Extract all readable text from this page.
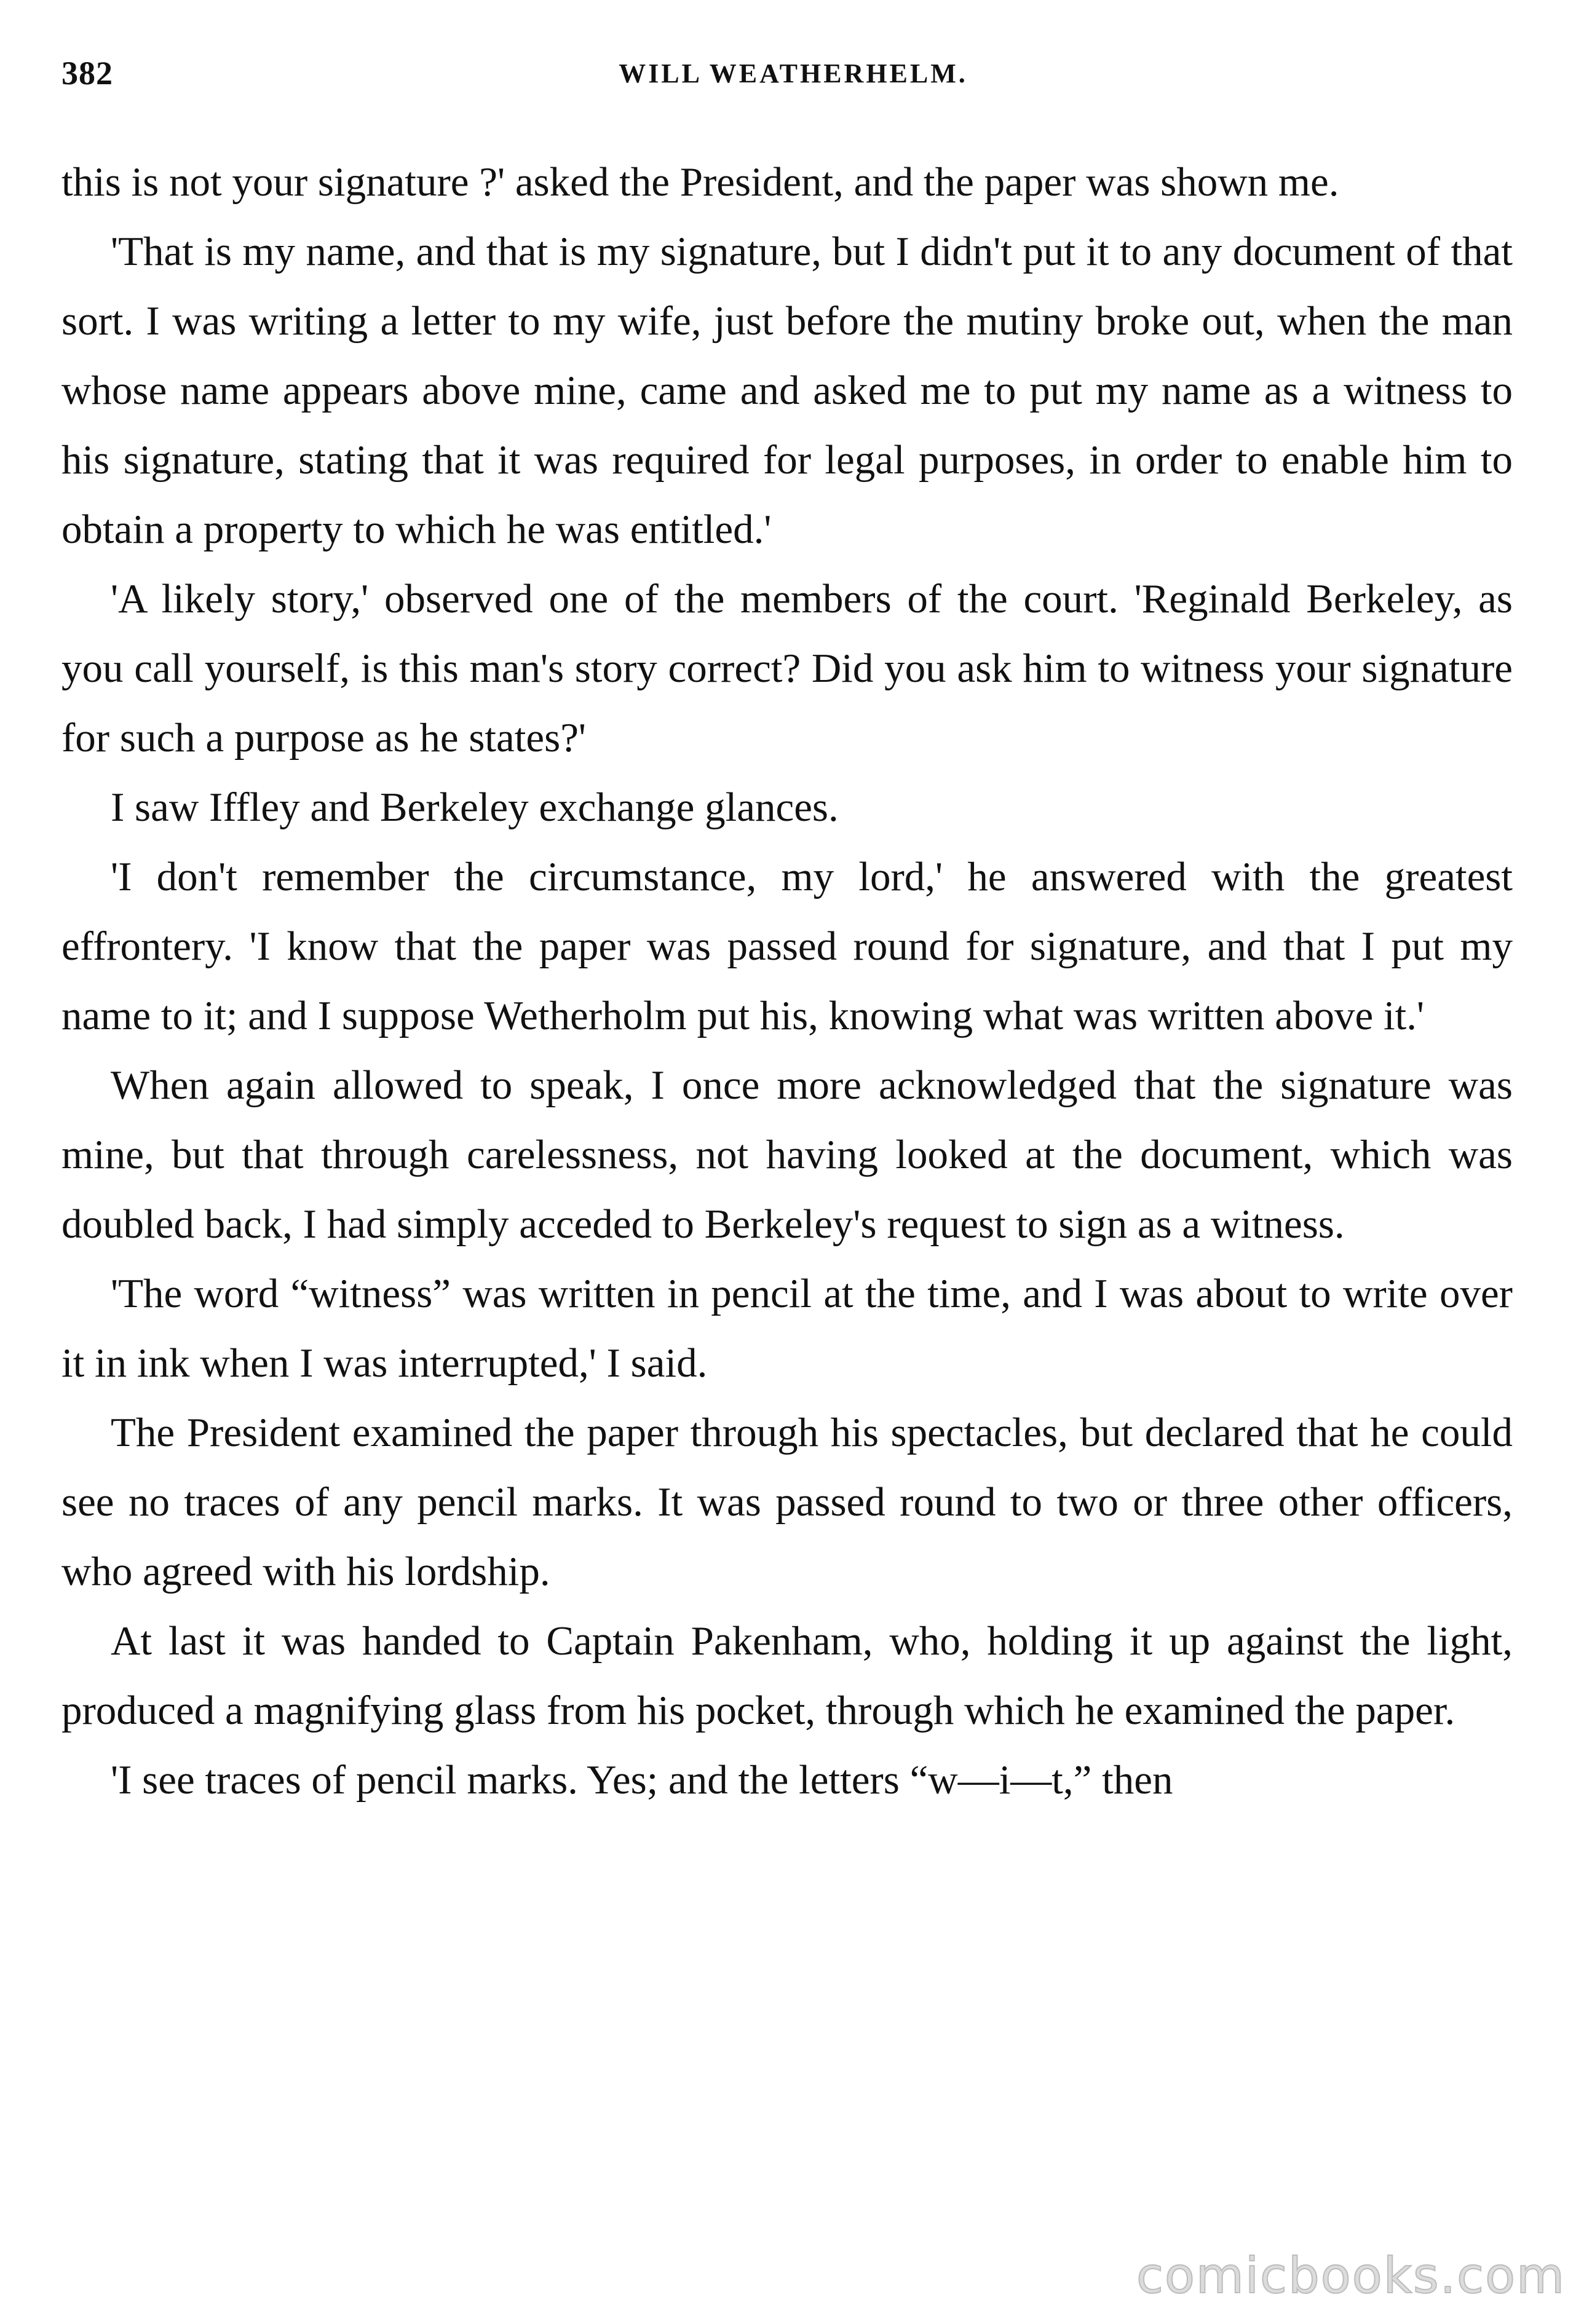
382	WILL WEATHERHELM.

this is not your signature ?' asked the President, and the paper was shown me.

'That is my name, and that is my signature, but I didn't put it to any document of that sort. I was writing a letter to my wife, just before the mutiny broke out, when the man whose name appears above mine, came and asked me to put my name as a witness to his signature, stating that it was required for legal purposes, in order to enable him to obtain a property to which he was entitled.'

'A likely story,' observed one of the members of the court. 'Reginald Berkeley, as you call yourself, is this man's story correct? Did you ask him to witness your signature for such a purpose as he states?'

I saw Iffley and Berkeley exchange glances.

'I don't remember the circumstance, my lord,' he answered with the greatest effrontery. 'I know that the paper was passed round for signature, and that I put my name to it; and I suppose Wetherholm put his, knowing what was written above it.'

When again allowed to speak, I once more acknowledged that the signature was mine, but that through carelessness, not having looked at the document, which was doubled back, I had simply acceded to Berkeley's request to sign as a witness.

'The word “witness” was written in pencil at the time, and I was about to write over it in ink when I was interrupted,' I said.

The President examined the paper through his spectacles, but declared that he could see no traces of any pencil marks. It was passed round to two or three other officers, who agreed with his lordship.

At last it was handed to Captain Pakenham, who, holding it up against the light, produced a magnifying glass from his pocket, through which he examined the paper.

'I see traces of pencil marks. Yes; and the letters “w—i—t,” then

comicbooks.com
